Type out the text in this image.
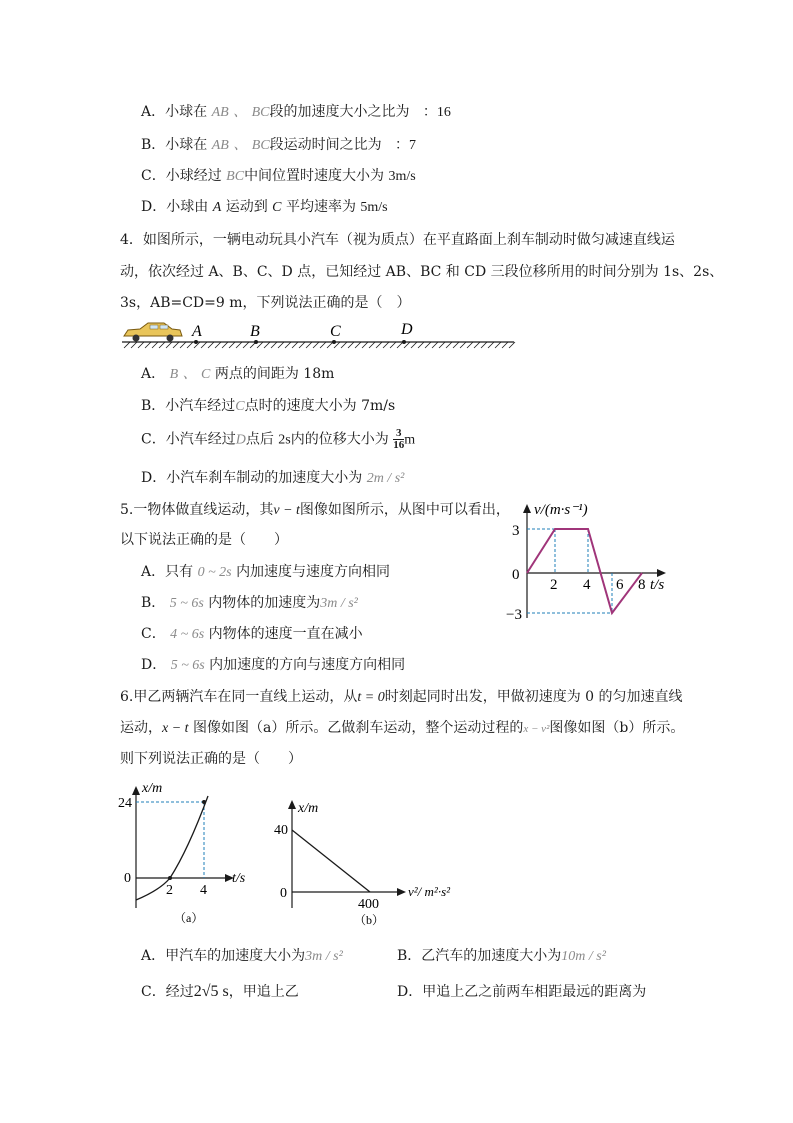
A．小球在 AB 、 BC段的加速度大小之比为 ：16
B．小球在 AB 、 BC段运动时间之比为 ：7
C．小球经过 BC中间位置时速度大小为 3m/s
D．小球由 A 运动到 C 平均速率为 5m/s
4．如图所示，一辆电动玩具小汽车（视为质点）在平直路面上刹车制动时做匀减速直线运
动，依次经过 A、B、C、D 点，已知经过 AB、BC 和 CD 三段位移所用的时间分别为 1s、2s、
3s，AB=CD=9 m，下列说法正确的是（　）
A	B	C	D
A． B 、 C 两点的间距为 18m
B．小汽车经过C点时的速度大小为 7m/s
C．小汽车经过D点后 2s内的位移大小为 $\frac{3}{16}$ m
D．小汽车刹车制动的加速度大小为 2m / s²
5.一物体做直线运动，其v − t图像如图所示，从图中可以看出，
以下说法正确的是（　　）
A．只有 0 ~ 2s 内加速度与速度方向相同
B． 5 ~ 6s 内物体的加速度为3m / s²
C． 4 ~ 6s 内物体的速度一直在减小
D． 5 ~ 6s 内加速度的方向与速度方向相同
v/(m·s⁻¹)
3
0
−3
2 4 6 8 t/s
6.甲乙两辆汽车在同一直线上运动，从t = 0时刻起同时出发，甲做初速度为 0 的匀加速直线
运动，x − t 图像如图（a）所示。乙做刹车运动，整个运动过程的x − v²图像如图（b）所示。
则下列说法正确的是（　　）
x/m
24
0
2 4
t/s
（a）
x/m
40
0
400
v²/ m²·s²
（b）
A．甲汽车的加速度大小为3m / s²	B．乙汽车的加速度大小为10m / s²
C．经过2√5 s，甲追上乙	D．甲追上乙之前两车相距最远的距离为
